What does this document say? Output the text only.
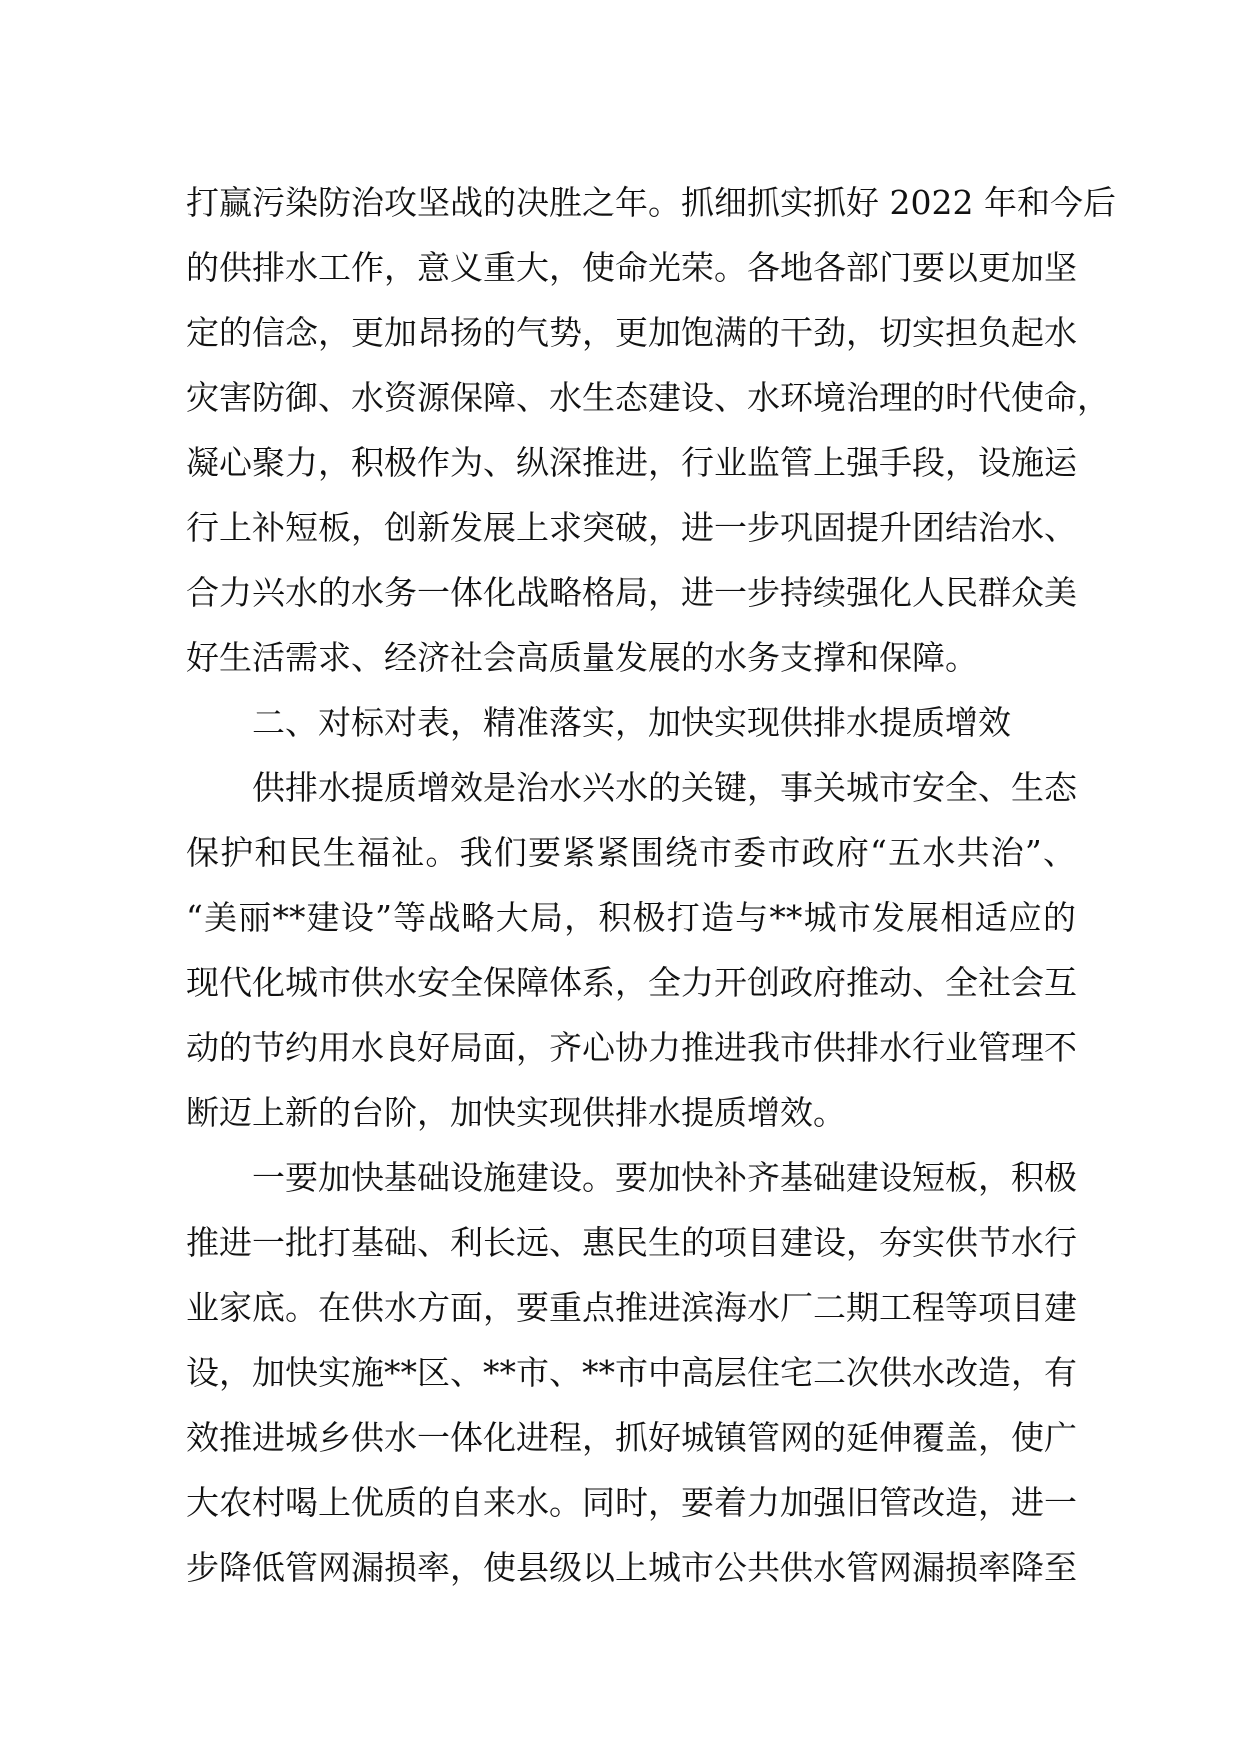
打赢污染防治攻坚战的决胜之年。抓细抓实抓好 2022 年和今后
的供排水工作，意义重大，使命光荣。各地各部门要以更加坚
定的信念，更加昂扬的气势，更加饱满的干劲，切实担负起水
灾害防御、水资源保障、水生态建设、水环境治理的时代使命，
凝心聚力，积极作为、纵深推进，行业监管上强手段，设施运
行上补短板，创新发展上求突破，进一步巩固提升团结治水、
合力兴水的水务一体化战略格局，进一步持续强化人民群众美
好生活需求、经济社会高质量发展的水务支撑和保障。
二、对标对表，精准落实，加快实现供排水提质增效
供排水提质增效是治水兴水的关键，事关城市安全、生态
保护和民生福祉。我们要紧紧围绕市委市政府“五水共治”、
“美丽**建设”等战略大局，积极打造与**城市发展相适应的
现代化城市供水安全保障体系，全力开创政府推动、全社会互
动的节约用水良好局面，齐心协力推进我市供排水行业管理不
断迈上新的台阶，加快实现供排水提质增效。
一要加快基础设施建设。要加快补齐基础建设短板，积极
推进一批打基础、利长远、惠民生的项目建设，夯实供节水行
业家底。在供水方面，要重点推进滨海水厂二期工程等项目建
设，加快实施**区、**市、**市中高层住宅二次供水改造，有
效推进城乡供水一体化进程，抓好城镇管网的延伸覆盖，使广
大农村喝上优质的自来水。同时，要着力加强旧管改造，进一
步降低管网漏损率，使县级以上城市公共供水管网漏损率降至
